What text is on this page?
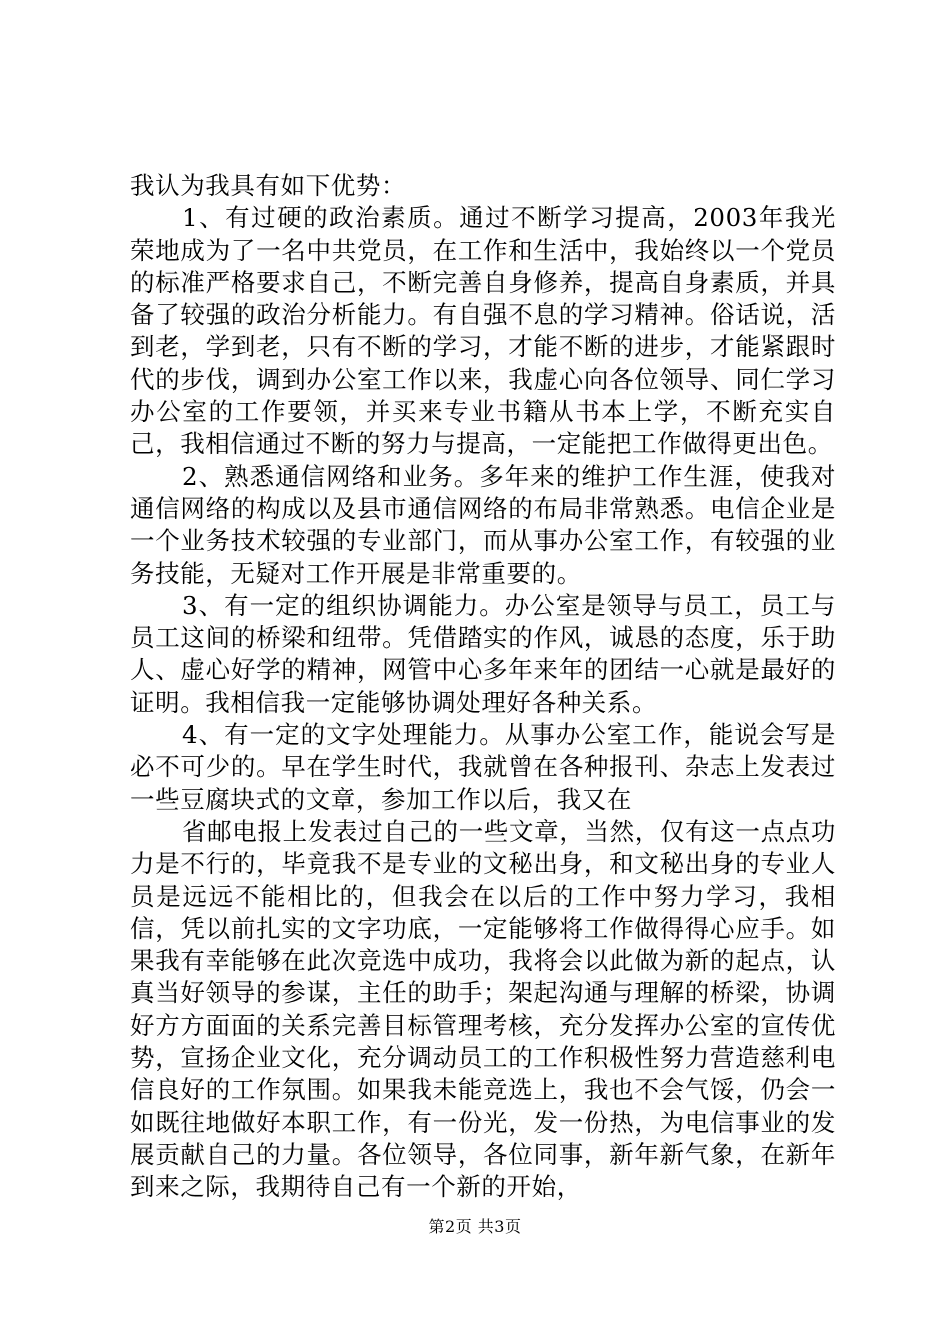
我认为我具有如下优势：

1、有过硬的政治素质。通过不断学习提高，2003年我光荣地成为了一名中共党员，在工作和生活中，我始终以一个党员的标准严格要求自己，不断完善自身修养，提高自身素质，并具备了较强的政治分析能力。有自强不息的学习精神。俗话说，活到老，学到老，只有不断的学习，才能不断的进步，才能紧跟时代的步伐，调到办公室工作以来，我虚心向各位领导、同仁学习办公室的工作要领，并买来专业书籍从书本上学，不断充实自己，我相信通过不断的努力与提高，一定能把工作做得更出色。

2、熟悉通信网络和业务。多年来的维护工作生涯，使我对通信网络的构成以及县市通信网络的布局非常熟悉。电信企业是一个业务技术较强的专业部门，而从事办公室工作，有较强的业务技能，无疑对工作开展是非常重要的。

3、有一定的组织协调能力。办公室是领导与员工，员工与员工这间的桥梁和纽带。凭借踏实的作风，诚恳的态度，乐于助人、虚心好学的精神，网管中心多年来年的团结一心就是最好的证明。我相信我一定能够协调处理好各种关系。

4、有一定的文字处理能力。从事办公室工作，能说会写是必不可少的。早在学生时代，我就曾在各种报刊、杂志上发表过一些豆腐块式的文章，参加工作以后，我又在

省邮电报上发表过自己的一些文章，当然，仅有这一点点功力是不行的，毕竟我不是专业的文秘出身，和文秘出身的专业人员是远远不能相比的，但我会在以后的工作中努力学习，我相信，凭以前扎实的文字功底，一定能够将工作做得得心应手。如果我有幸能够在此次竞选中成功，我将会以此做为新的起点，认真当好领导的参谋，主任的助手；架起沟通与理解的桥梁，协调好方方面面的关系完善目标管理考核，充分发挥办公室的宣传优势，宣扬企业文化，充分调动员工的工作积极性努力营造慈利电信良好的工作氛围。如果我未能竞选上，我也不会气馁，仍会一如既往地做好本职工作，有一份光，发一份热，为电信事业的发展贡献自己的力量。各位领导，各位同事，新年新气象，在新年到来之际，我期待自己有一个新的开始，

第2页 共3页
